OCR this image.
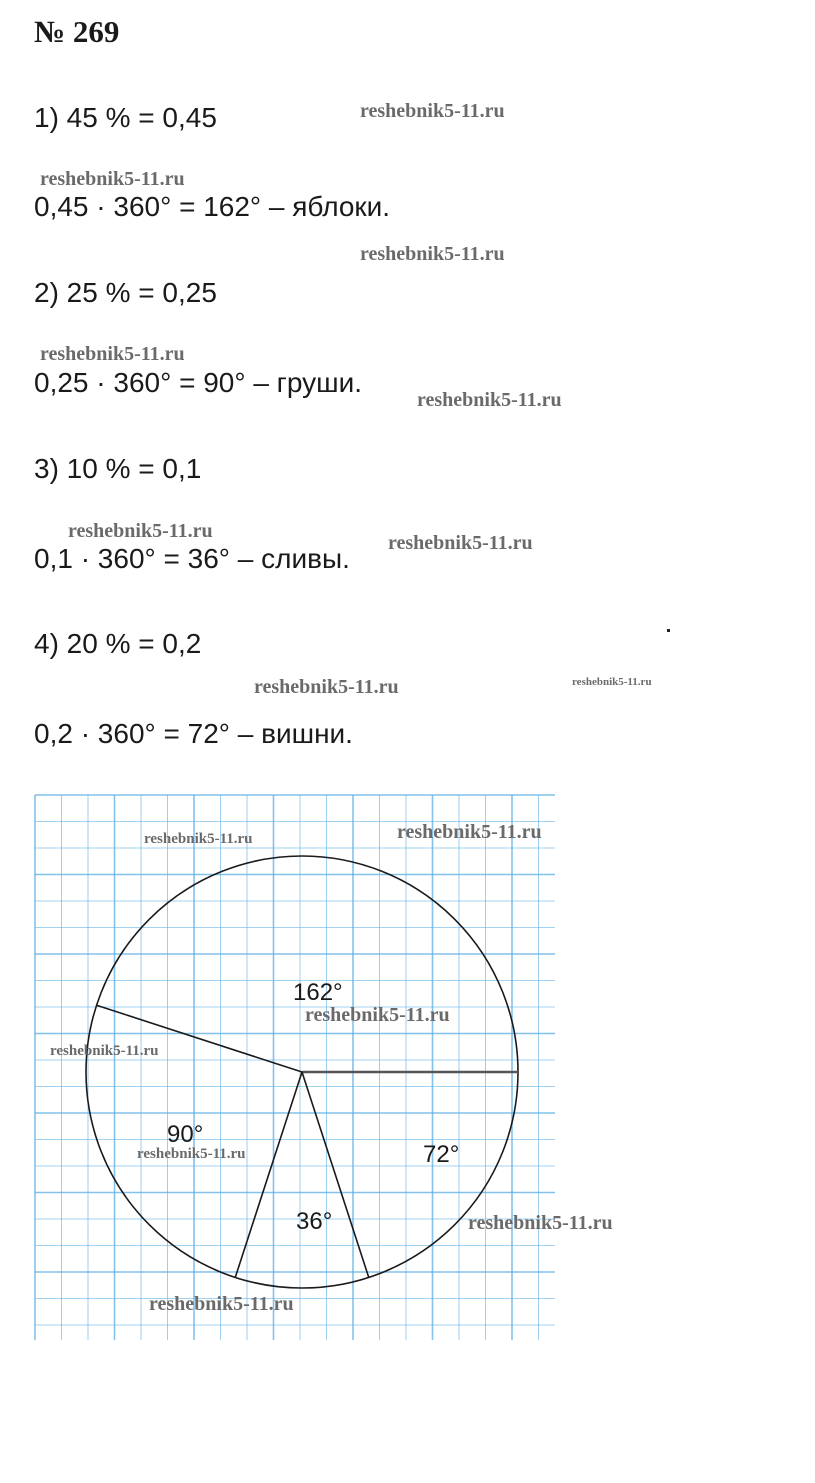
№ 269
1) 45 % = 0,45
0,45 · 360° = 162° – яблоки.
2) 25 % = 0,25
0,25 · 360° = 90° – груши.
3) 10 % = 0,1
0,1 · 360° = 36° – сливы.
4) 20 % = 0,2
0,2 · 360° = 72° – вишни.
162°
90°
36°
72°
reshebnik5-11.ru
reshebnik5-11.ru
reshebnik5-11.ru
reshebnik5-11.ru
reshebnik5-11.ru
reshebnik5-11.ru
reshebnik5-11.ru
reshebnik5-11.ru	reshebnik5-11.ru
reshebnik5-11.ru	reshebnik5-11.ru
reshebnik5-11.ru
reshebnik5-11.ru
reshebnik5-11.ru
reshebnik5-11.ru
reshebnik5-11.ru
